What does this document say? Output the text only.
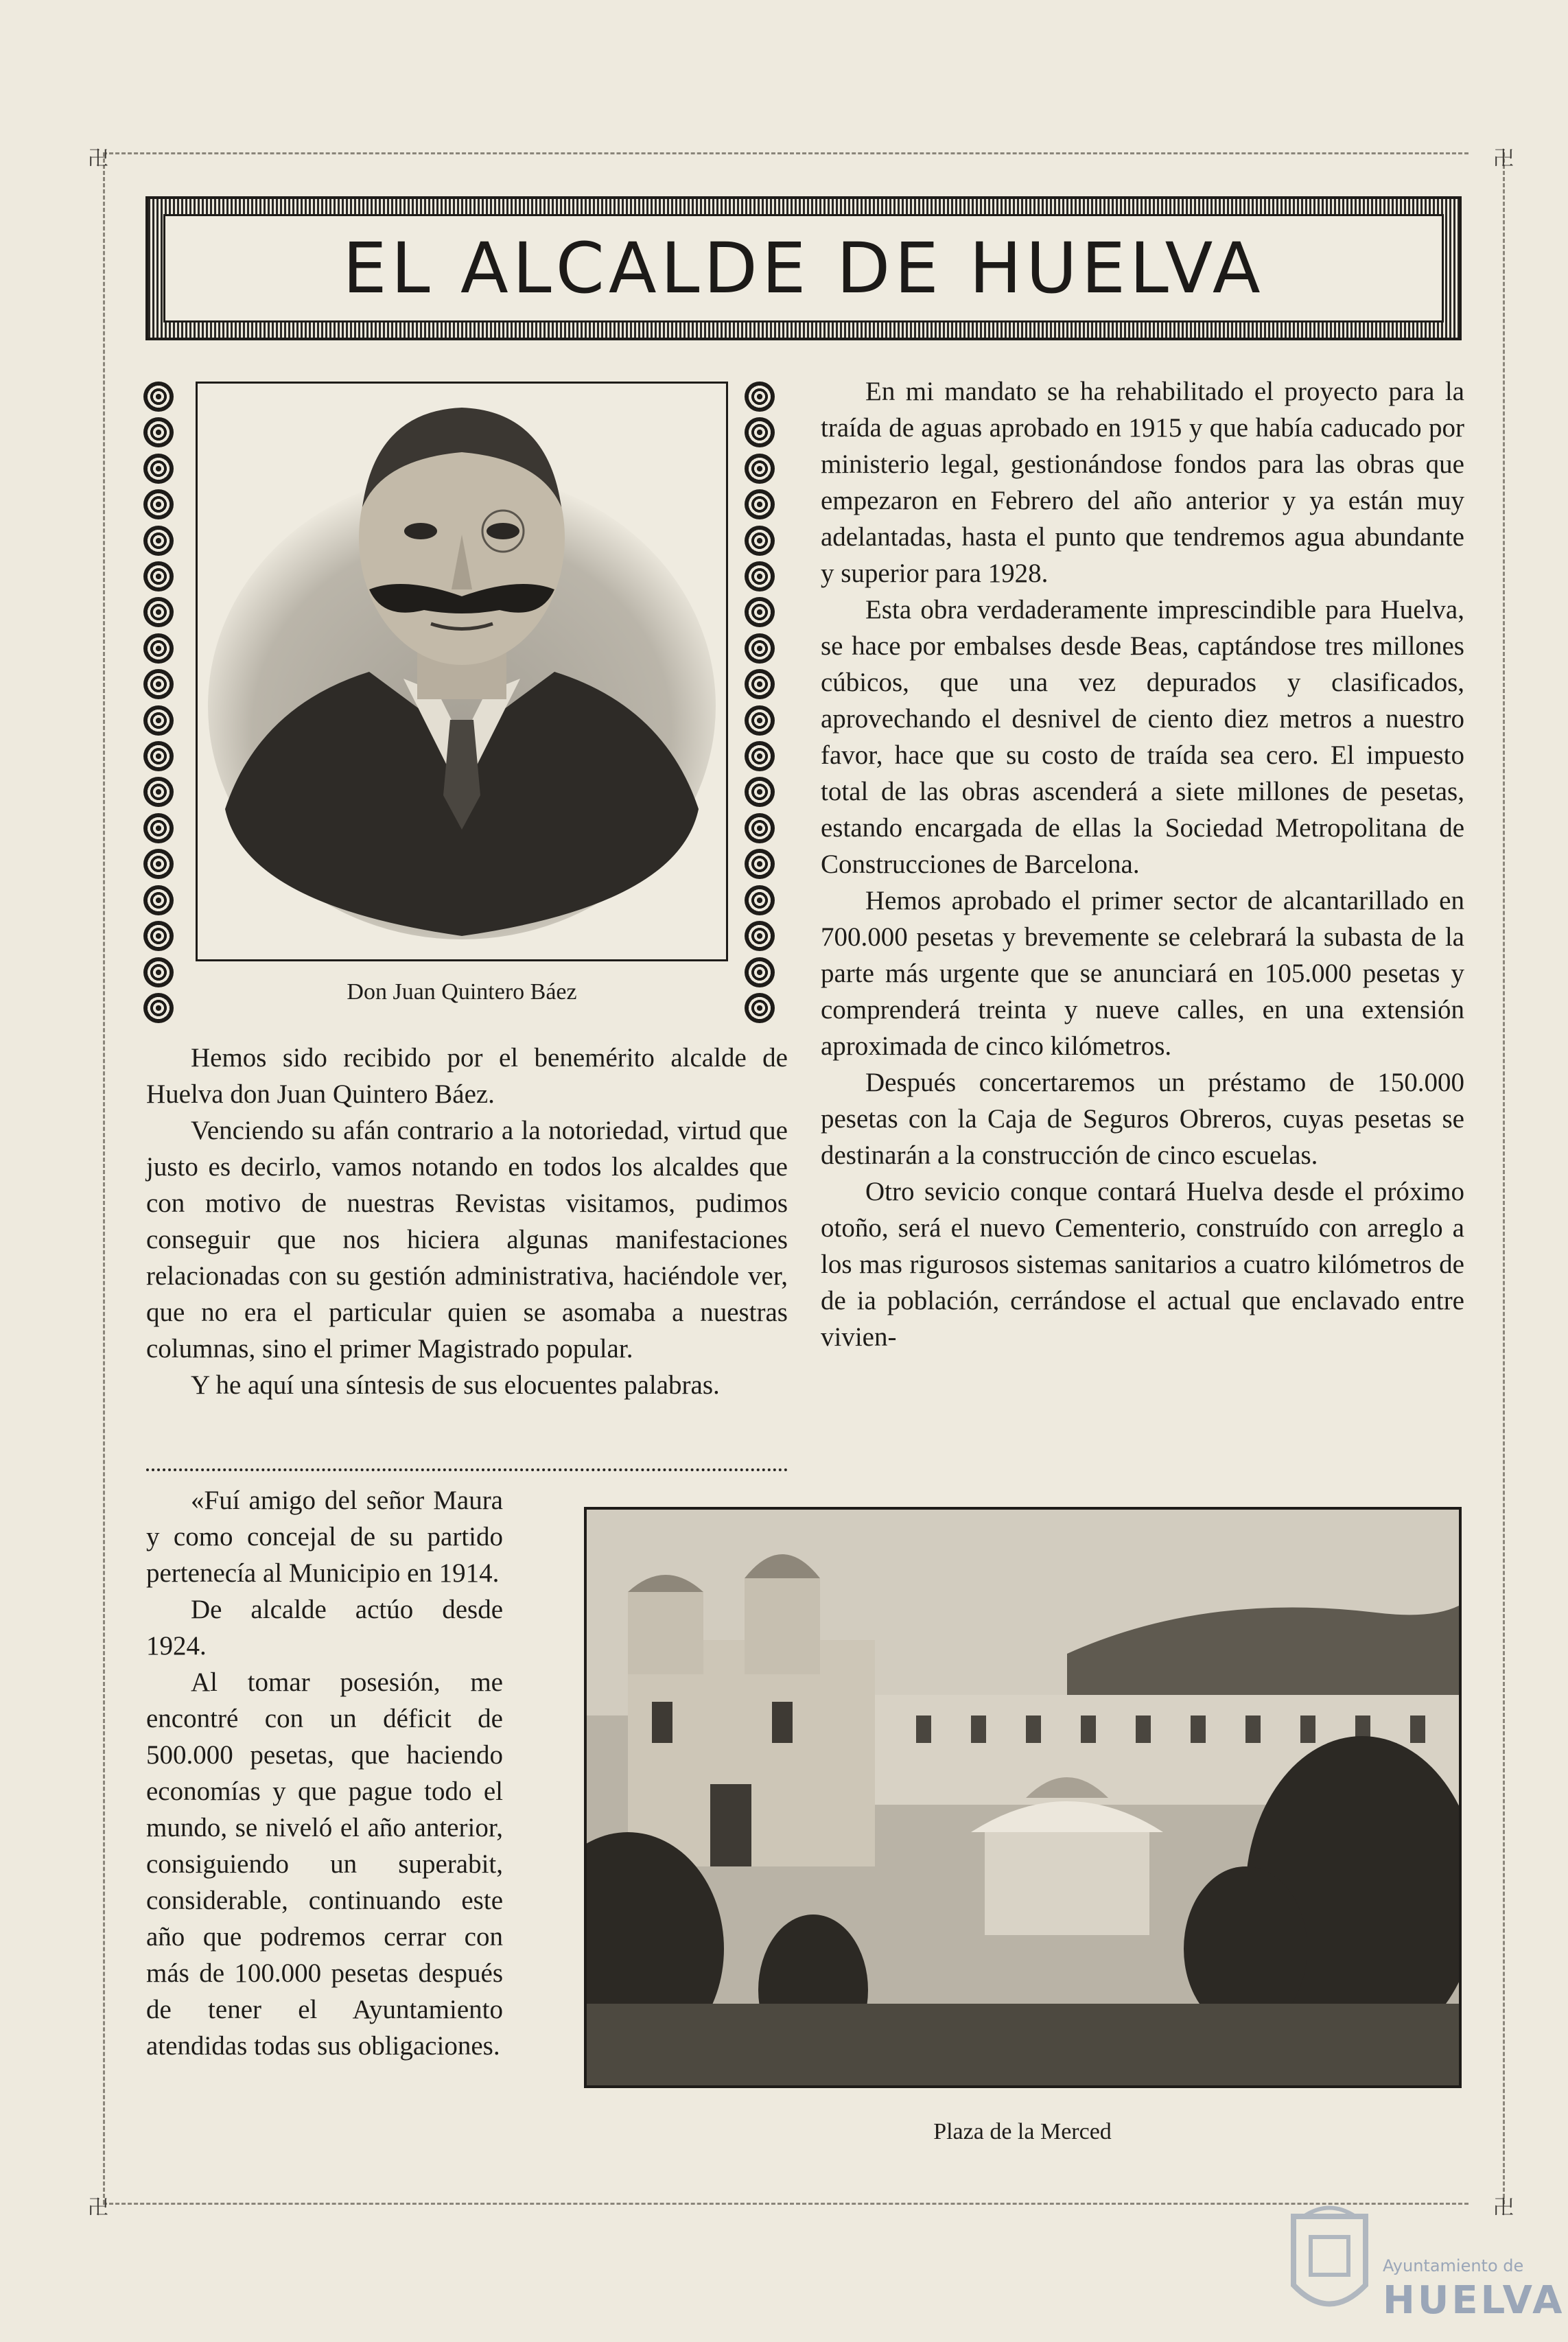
卍	卍
卍	卍
EL ALCALDE DE HUELVA
Don Juan Quintero Báez

Hemos sido recibido por el benemérito alcalde de Huelva don Juan Quintero Báez.

Venciendo su afán contrario a la notoriedad, virtud que justo es decirlo, vamos notando en todos los alcaldes que con motivo de nuestras Revistas visitamos, pudimos conseguir que nos hiciera algunas manifestaciones relacionadas con su gestión administrativa, haciéndole ver, que no era el particular quien se asomaba a nuestras columnas, sino el primer Magistrado popular.

Y he aquí una síntesis de sus elocuentes palabras.

«Fuí amigo del señor Maura y como concejal de su partido pertenecía al Municipio en 1914.

De alcalde actúo desde 1924.

Al tomar posesión, me encontré con un déficit de 500.000 pesetas, que haciendo economías y que pague todo el mundo, se niveló el año anterior, consiguiendo un superabit, considerable, continuando este año que podremos cerrar con más de 100.000 pesetas después de tener el Ayuntamiento atendidas todas sus obligaciones.

En mi mandato se ha rehabilitado el proyecto para la traída de aguas aprobado en 1915 y que había caducado por ministerio legal, gestionándose fondos para las obras que empezaron en Febrero del año anterior y ya están muy adelantadas, hasta el punto que tendremos agua abundante y superior para 1928.

Esta obra verdaderamente imprescindible para Huelva, se hace por embalses desde Beas, captándose tres millones cúbicos, que una vez depurados y clasificados, aprovechando el desnivel de ciento diez metros a nuestro favor, hace que su costo de traída sea cero. El impuesto total de las obras ascenderá a siete millones de pesetas, estando encargada de ellas la Sociedad Metropolitana de Construcciones de Barcelona.

Hemos aprobado el primer sector de alcantarillado en 700.000 pesetas y brevemente se celebrará la subasta de la parte más urgente que se anunciará en 105.000 pesetas y comprenderá treinta y nueve calles, en una extensión aproximada de cinco kilómetros.

Después concertaremos un préstamo de 150.000 pesetas con la Caja de Seguros Obreros, cuyas pesetas se destinarán a la construcción de cinco escuelas.

Otro sevicio conque contará Huelva desde el próximo otoño, será el nuevo Cementerio, construído con arreglo a los mas rigurosos sistemas sanitarios a cuatro kilómetros de de ia población, cerrándose el actual que enclavado entre vivien-

Plaza de la Merced
Ayuntamiento de
HUELVA
